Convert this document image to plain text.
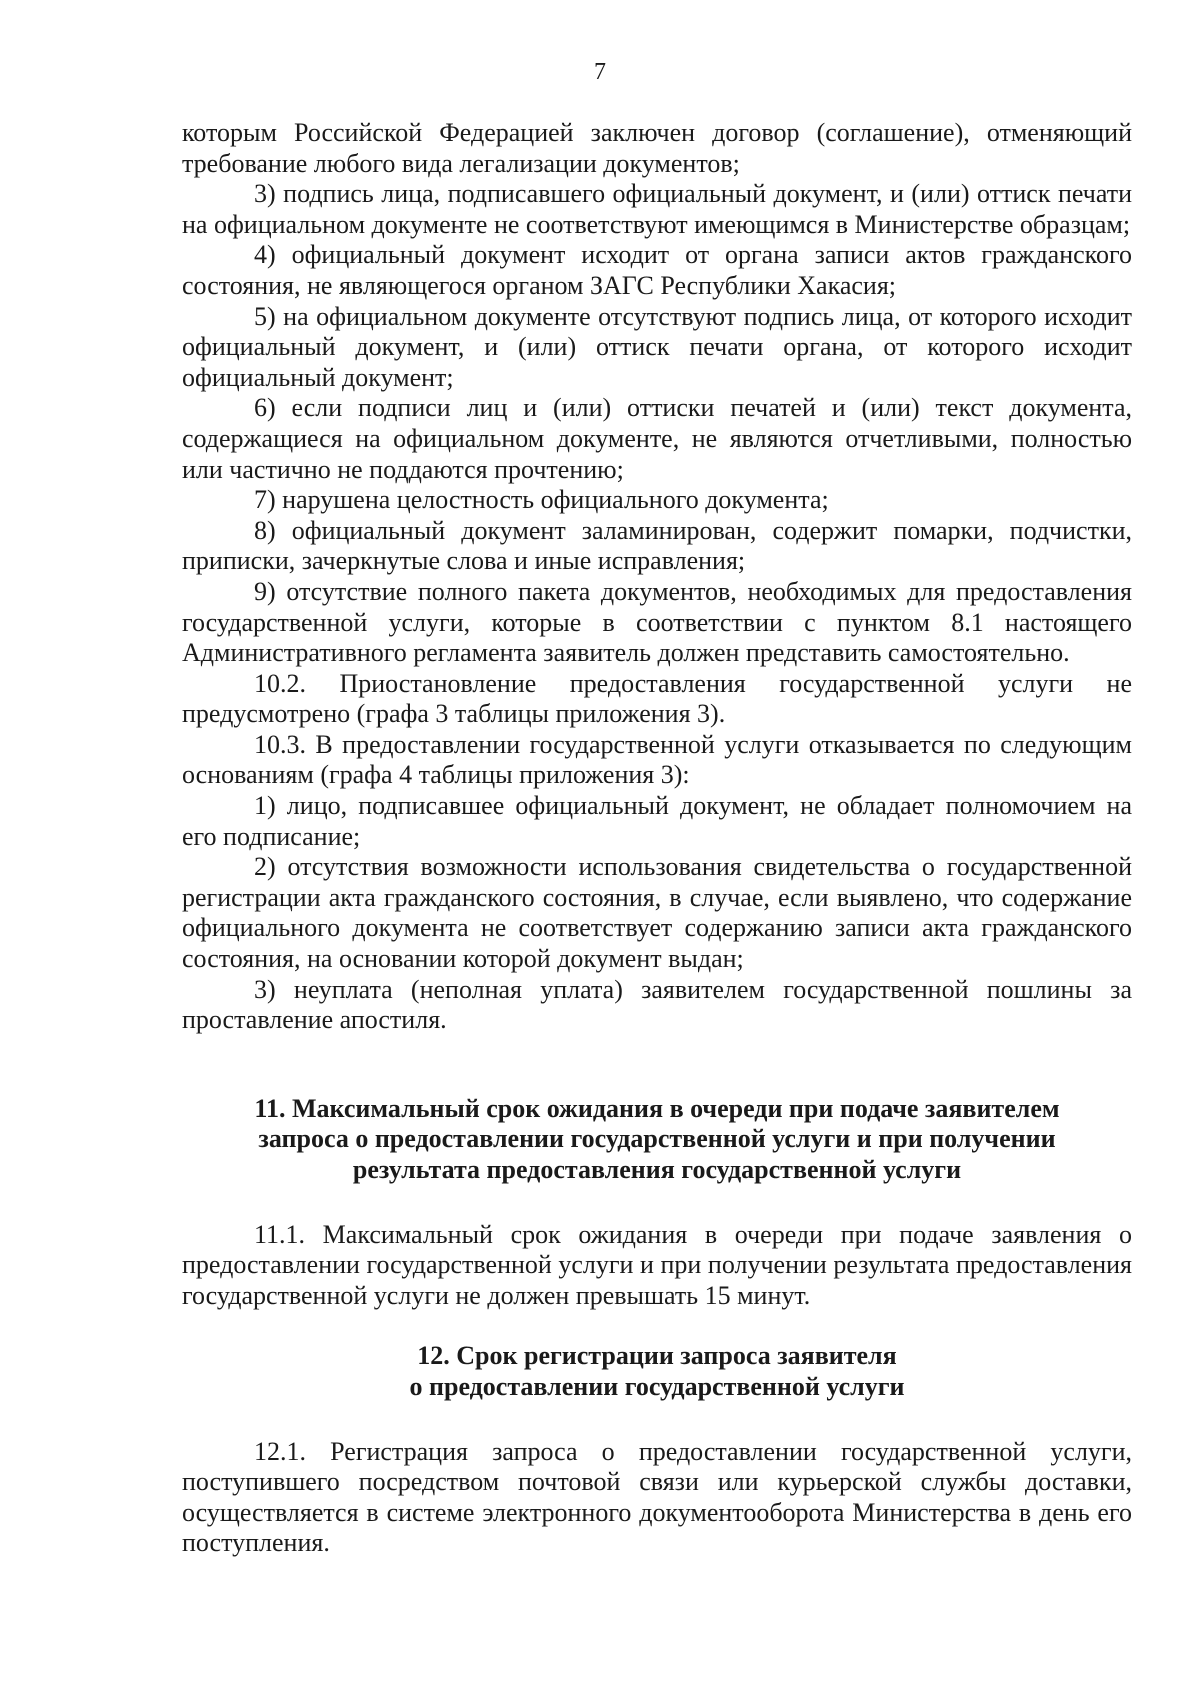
7

которым Российской Федерацией заключен договор (соглашение), отменяющий требование любого вида легализации документов;

3) подпись лица, подписавшего официальный документ, и (или) оттиск печати на официальном документе не соответствуют имеющимся в Министерстве образцам;

4) официальный документ исходит от органа записи актов гражданского состояния, не являющегося органом ЗАГС Республики Хакасия;

5) на официальном документе отсутствуют подпись лица, от которого исходит официальный документ, и (или) оттиск печати органа, от которого исходит официальный документ;

6) если подписи лиц и (или) оттиски печатей и (или) текст документа, содержащиеся на официальном документе, не являются отчетливыми, полностью или частично не поддаются прочтению;

7) нарушена целостность официального документа;

8) официальный документ заламинирован, содержит помарки, подчистки, приписки, зачеркнутые слова и иные исправления;

9) отсутствие полного пакета документов, необходимых для предоставления государственной услуги, которые в соответствии с пунктом 8.1 настоящего Административного регламента заявитель должен представить самостоятельно.

10.2. Приостановление предоставления государственной услуги не предусмотрено (графа 3 таблицы приложения 3).

10.3. В предоставлении государственной услуги отказывается по следующим основаниям (графа 4 таблицы приложения 3):

1) лицо, подписавшее официальный документ, не обладает полномочием на его подписание;

2) отсутствия возможности использования свидетельства о государственной регистрации акта гражданского состояния, в случае, если выявлено, что содержание официального документа не соответствует содержанию записи акта гражданского состояния, на основании которой документ выдан;

3) неуплата (неполная уплата) заявителем государственной пошлины за проставление апостиля.

11. Максимальный срок ожидания в очереди при подаче заявителем
запроса о предоставлении государственной услуги и при получении
результата предоставления государственной услуги

11.1. Максимальный срок ожидания в очереди при подаче заявления о предоставлении государственной услуги и при получении результата предоставления государственной услуги не должен превышать 15 минут.

12. Срок регистрации запроса заявителя
о предоставлении государственной услуги

12.1. Регистрация запроса о предоставлении государственной услуги, поступившего посредством почтовой связи или курьерской службы доставки, осуществляется в системе электронного документооборота Министерства в день его поступления.
